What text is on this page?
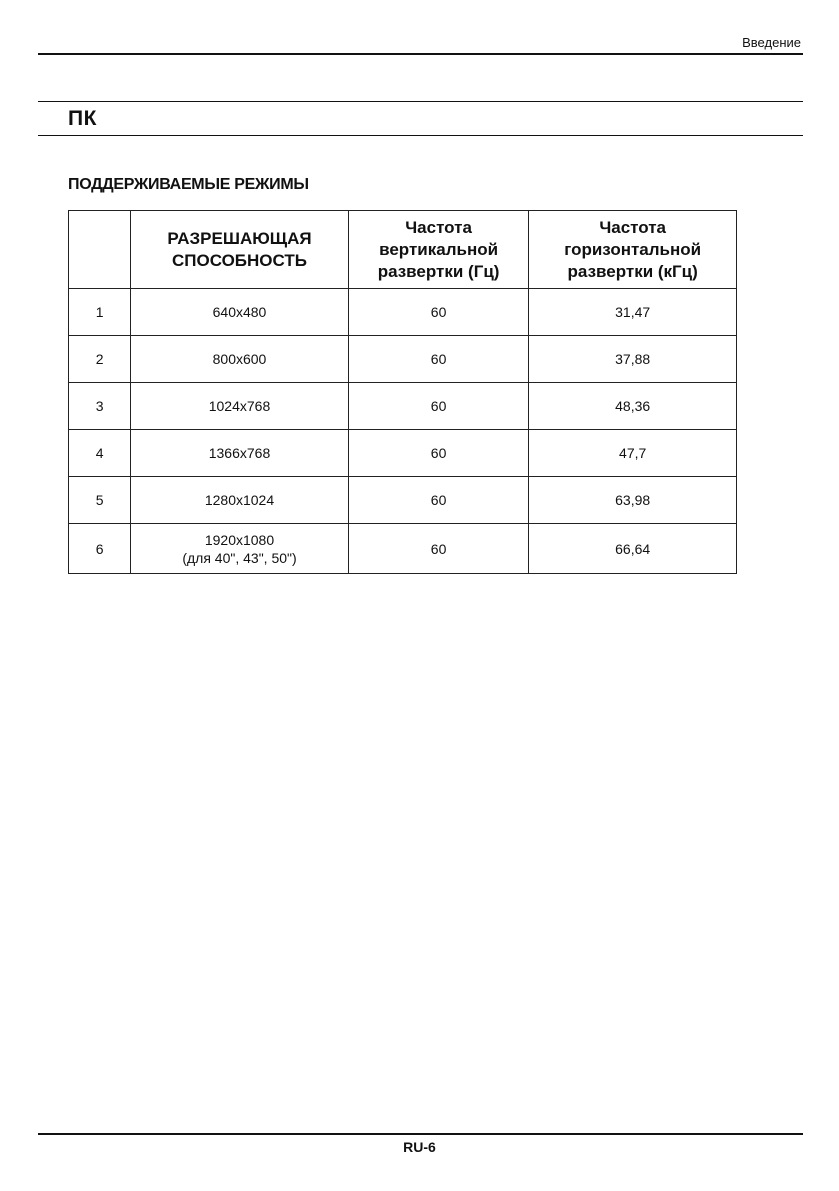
Введение
ПК
ПОДДЕРЖИВАЕМЫЕ РЕЖИМЫ

	РАЗРЕШАЮЩАЯ
СПОСОБНОСТЬ	Частота
вертикальной
развертки (Гц)	Частота
горизонтальной
развертки (кГц)

1	640x480	60	31,47
2	800x600	60	37,88
3	1024x768	60	48,36
4	1366x768	60	47,7
5	1280x1024	60	63,98
6	1920x1080
(для 40", 43", 50")	60	66,64
RU-6
